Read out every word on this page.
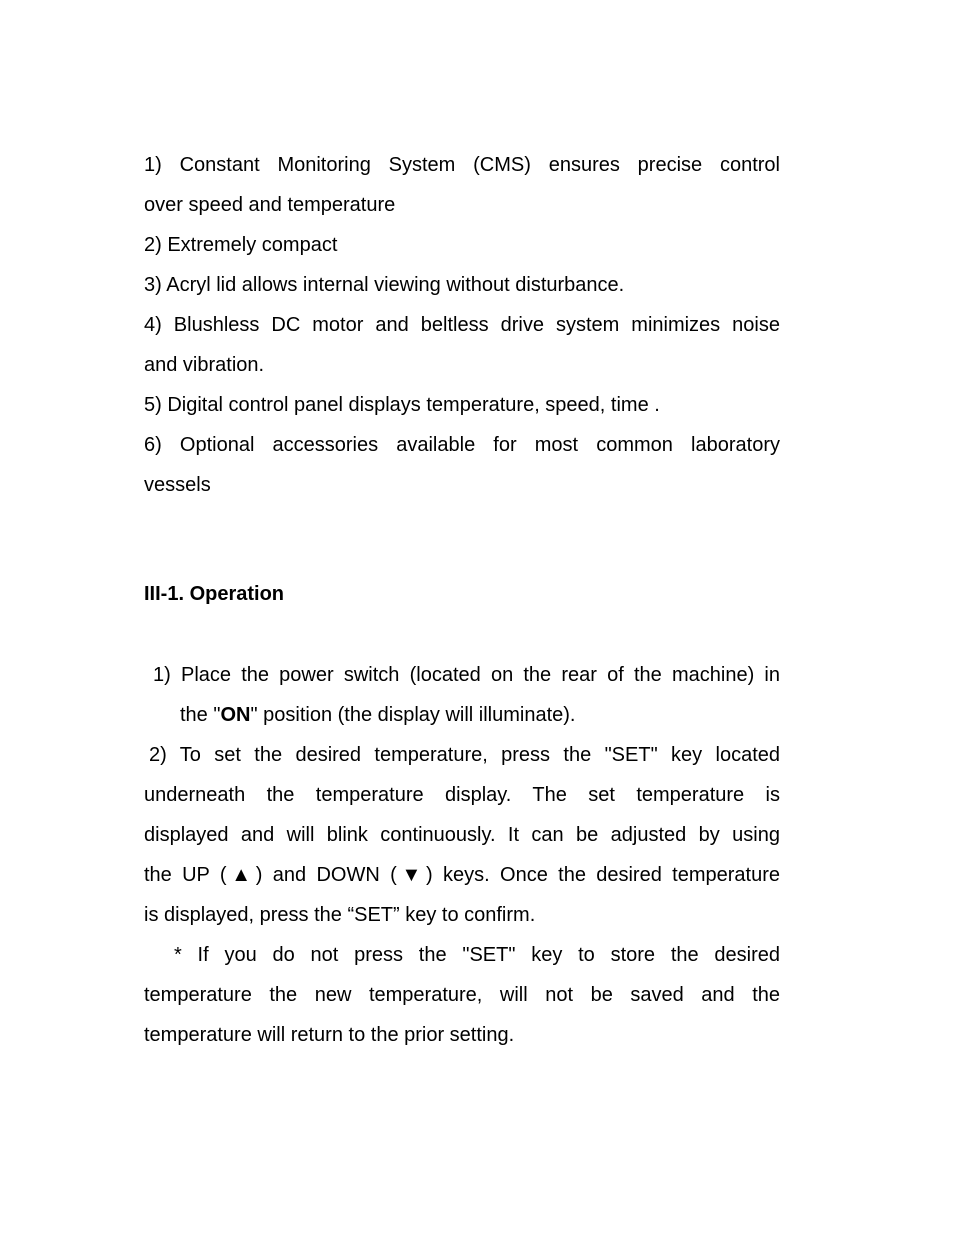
1) Constant Monitoring System (CMS) ensures precise control
over speed and temperature
2) Extremely compact
3) Acryl lid allows internal viewing without disturbance.
4) Blushless DC motor and beltless drive system minimizes noise
and vibration.
5) Digital control panel displays temperature, speed, time .
6) Optional accessories available for most common laboratory
vessels
III-1. Operation
1) Place the power switch (located on the rear of the machine) in
the "ON" position (the display will illuminate).
2) To set the desired temperature, press the "SET" key located
underneath the temperature display. The set temperature is
displayed and will blink continuously. It can be adjusted by using
the UP (▲) and DOWN (▼) keys. Once the desired temperature
is displayed, press the “SET” key to confirm.
* If you do not press the "SET" key to store the desired
temperature the new temperature, will not be saved and the
temperature will return to the prior setting.
